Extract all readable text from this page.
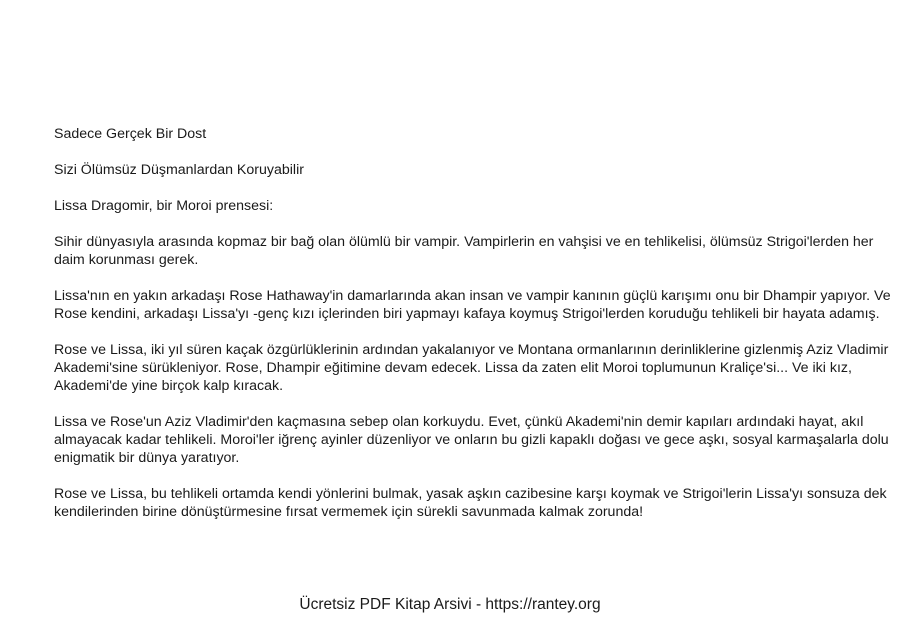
Sadece Gerçek Bir Dost

Sizi Ölümsüz Düşmanlardan Koruyabilir

Lissa Dragomir, bir Moroi prensesi:

Sihir dünyasıyla arasında kopmaz bir bağ olan ölümlü bir vampir. Vampirlerin en vahşisi ve en tehlikelisi, ölümsüz Strigoi'lerden her daim korunması gerek.

Lissa'nın en yakın arkadaşı Rose Hathaway'in damarlarında akan insan ve vampir kanının güçlü karışımı onu bir Dhampir yapıyor. Ve Rose kendini, arkadaşı Lissa'yı -genç kızı içlerinden biri yapmayı kafaya koymuş Strigoi'lerden koruduğu tehlikeli bir hayata adamış.

Rose ve Lissa, iki yıl süren kaçak özgürlüklerinin ardından yakalanıyor ve Montana ormanlarının derinliklerine gizlenmiş Aziz Vladimir Akademi'sine sürükleniyor. Rose, Dhampir eğitimine devam edecek. Lissa da zaten elit Moroi toplumunun Kraliçe'si... Ve iki kız, Akademi'de yine birçok kalp kıracak.

Lissa ve Rose'un Aziz Vladimir'den kaçmasına sebep olan korkuydu. Evet, çünkü Akademi'nin demir kapıları ardındaki hayat, akıl almayacak kadar tehlikeli. Moroi'ler iğrenç ayinler düzenliyor ve onların bu gizli kapaklı doğası ve gece aşkı, sosyal karmaşalarla dolu enigmatik bir dünya yaratıyor.

Rose ve Lissa, bu tehlikeli ortamda kendi yönlerini bulmak, yasak aşkın cazibesine karşı koymak ve Strigoi'lerin Lissa'yı sonsuza dek kendilerinden birine dönüştürmesine fırsat vermemek için sürekli savunmada kalmak zorunda!

Ücretsiz PDF Kitap Arsivi - https://rantey.org
